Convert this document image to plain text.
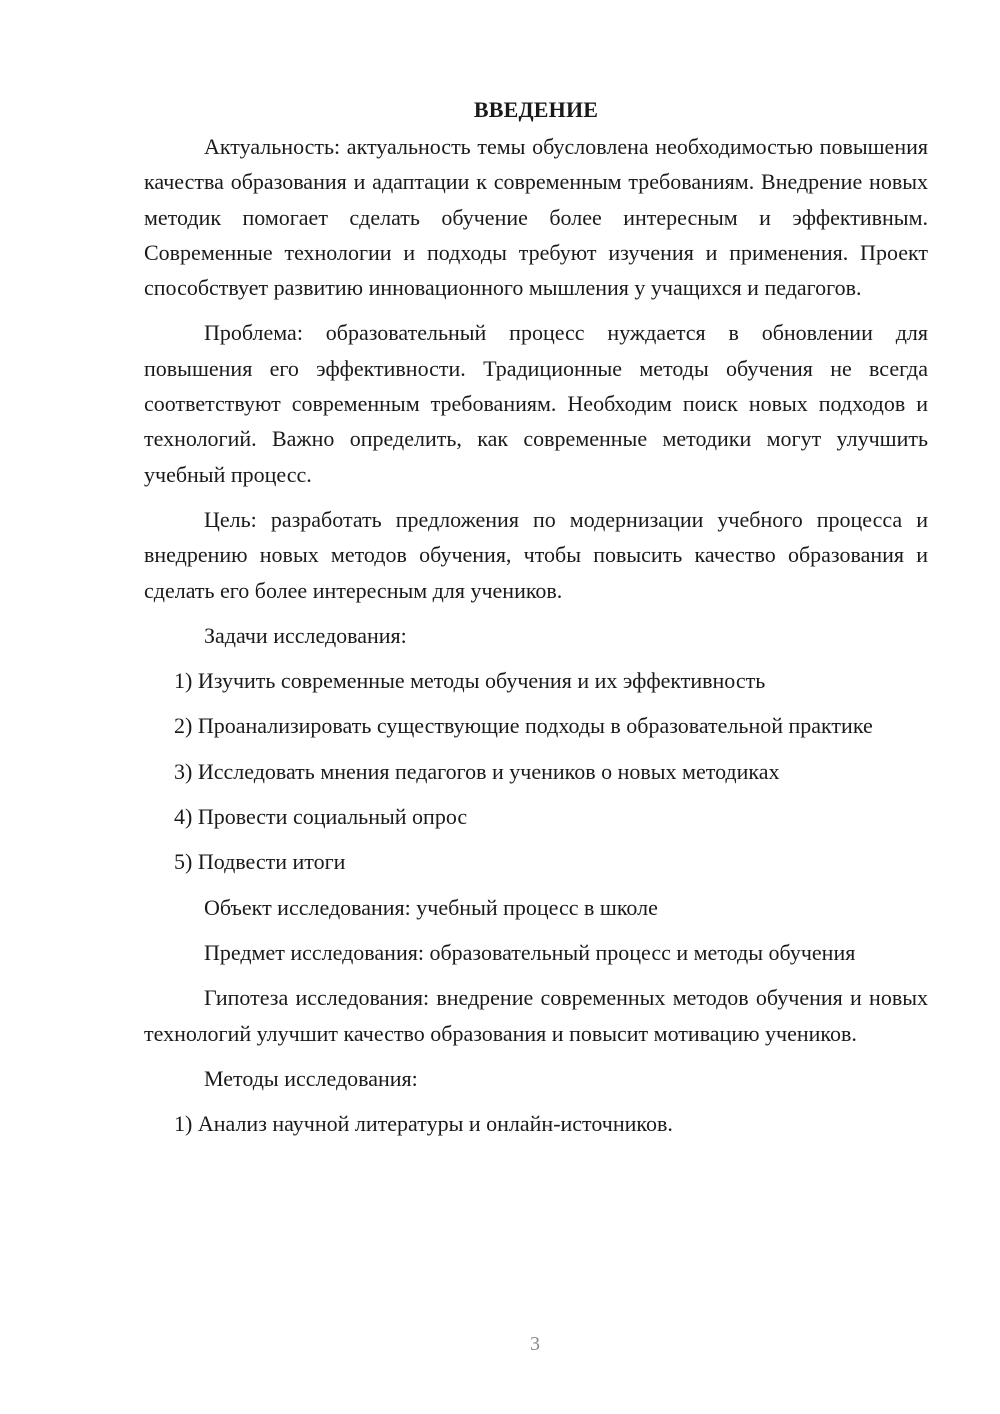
ВВЕДЕНИЕ

Актуальность: актуальность темы обусловлена необходимостью повышения качества образования и адаптации к современным требованиям. Внедрение новых методик помогает сделать обучение более интересным и эффективным. Современные технологии и подходы требуют изучения и применения. Проект способствует развитию инновационного мышления у учащихся и педагогов.

Проблема: образовательный процесс нуждается в обновлении для повышения его эффективности. Традиционные методы обучения не всегда соответствуют современным требованиям. Необходим поиск новых подходов и технологий. Важно определить, как современные методики могут улучшить учебный процесс.

Цель: разработать предложения по модернизации учебного процесса и внедрению новых методов обучения, чтобы повысить качество образования и сделать его более интересным для учеников.

Задачи исследования:

1) Изучить современные методы обучения и их эффективность

2) Проанализировать существующие подходы в образовательной практике

3) Исследовать мнения педагогов и учеников о новых методиках

4) Провести социальный опрос

5) Подвести итоги

Объект исследования: учебный процесс в школе

Предмет исследования: образовательный процесс и методы обучения

Гипотеза исследования: внедрение современных методов обучения и новых технологий улучшит качество образования и повысит мотивацию учеников.

Методы исследования:

1) Анализ научной литературы и онлайн-источников.

3
